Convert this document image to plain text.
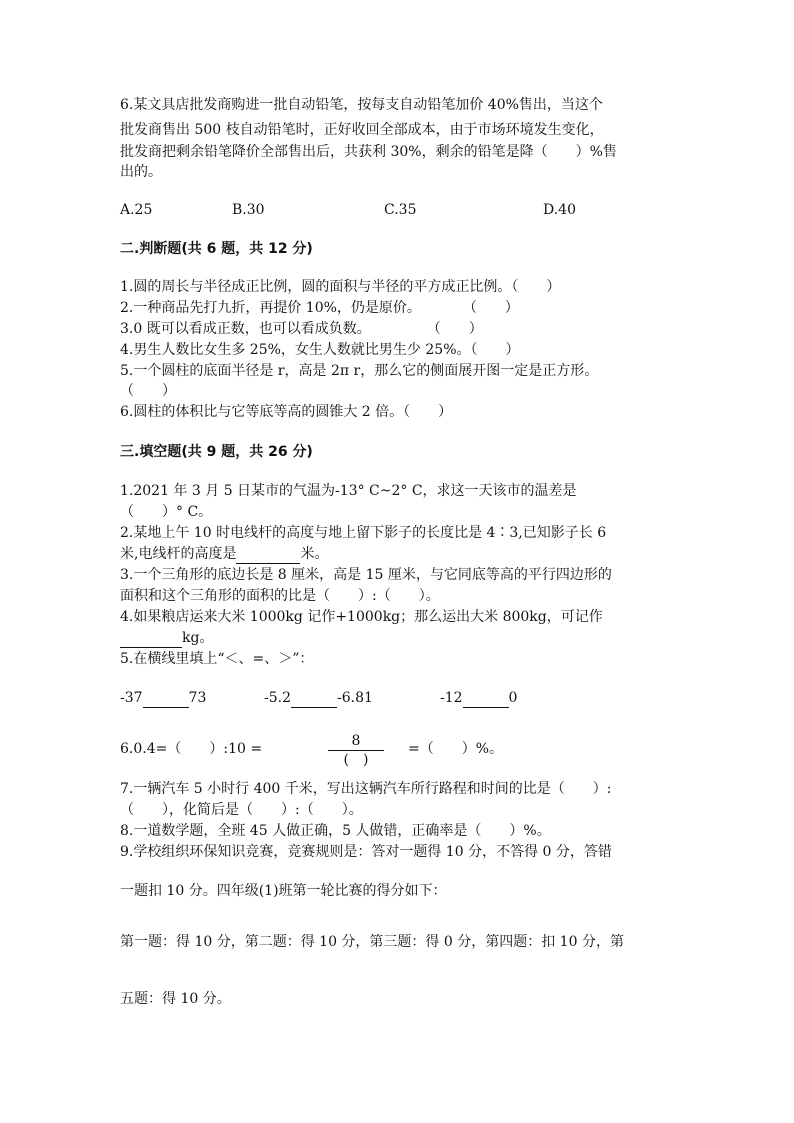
6.某文具店批发商购进一批自动铅笔，按每支自动铅笔加价 40%售出，当这个
批发商售出 500 枝自动铅笔时，正好收回全部成本，由于市场环境发生变化，
批发商把剩余铅笔降价全部售出后，共获利 30%，剩余的铅笔是降（　　）%售
出的。
A.25	B.30	C.35	D.40
二.判断题(共 6 题，共 12 分)
1.圆的周长与半径成正比例，圆的面积与半径的平方成正比例。（　　）
2.一种商品先打九折，再提价 10%，仍是原价。　　　　（　　）
3.0 既可以看成正数，也可以看成负数。　　　　　（　　）
4.男生人数比女生多 25%，女生人数就比男生少 25%。（　　）
5.一个圆柱的底面半径是 r，高是 2π r，那么它的侧面展开图一定是正方形。
（　　）
6.圆柱的体积比与它等底等高的圆锥大 2 倍。（　　）
三.填空题(共 9 题，共 26 分)
1.2021 年 3 月 5 日某市的气温为-13° C~2° C，求这一天该市的温差是
（　　）° C。
2.某地上午 10 时电线杆的高度与地上留下影子的长度比是 4∶3,已知影子长 6
米,电线杆的高度是	米。
3.一个三角形的底边长是 8 厘米，高是 15 厘米，与它同底等高的平行四边形的
面积和这个三角形的面积的比是（　　）:（　　）。
4.如果粮店运来大米 1000kg 记作+1000kg；那么运出大米 800kg，可记作
kg。
5.在横线里填上“＜、=、＞”：
-37	73	-5.2	-6.81	-12	0
6.0.4=（　　）:10 =	8
(　)
=（　　）%。
7.一辆汽车 5 小时行 400 千米，写出这辆汽车所行路程和时间的比是（　　）:
（　　），化简后是（　　）:（　　）。
8.一道数学题，全班 45 人做正确，5 人做错，正确率是（　　）%。
9.学校组织环保知识竞赛，竞赛规则是：答对一题得 10 分，不答得 0 分，答错
一题扣 10 分。四年级(1)班第一轮比赛的得分如下：
第一题：得 10 分，第二题：得 10 分，第三题：得 0 分，第四题：扣 10 分，第
五题：得 10 分。
